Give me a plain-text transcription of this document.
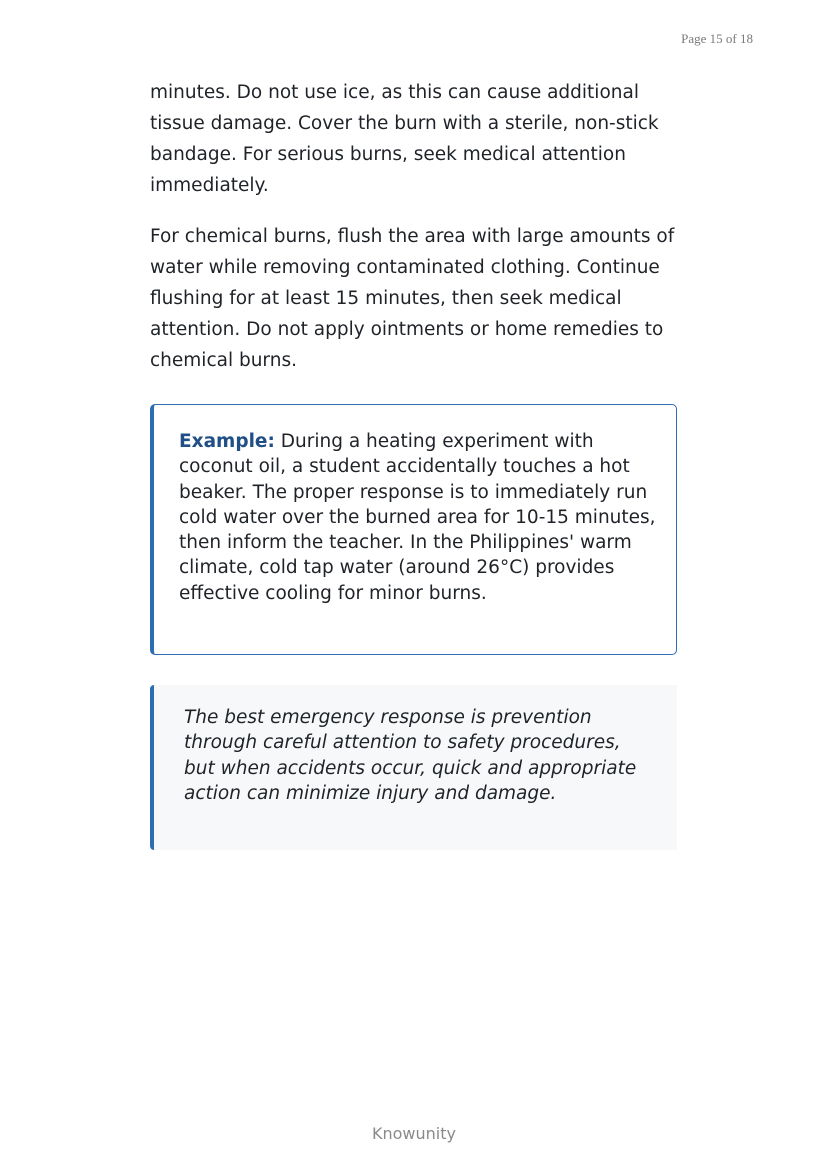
Page 15 of 18

minutes. Do not use ice, as this can cause additional tissue damage. Cover the burn with a sterile, non-stick bandage. For serious burns, seek medical attention immediately.

For chemical burns, flush the area with large amounts of water while removing contaminated clothing. Continue flushing for at least 15 minutes, then seek medical attention. Do not apply ointments or home remedies to chemical burns.

Example: During a heating experiment with coconut oil, a student accidentally touches a hot beaker. The proper response is to immediately run cold water over the burned area for 10-15 minutes, then inform the teacher. In the Philippines' warm climate, cold tap water (around 26°C) provides effective cooling for minor burns.

The best emergency response is prevention through careful attention to safety procedures, but when accidents occur, quick and appropriate action can minimize injury and damage.

Knowunity
